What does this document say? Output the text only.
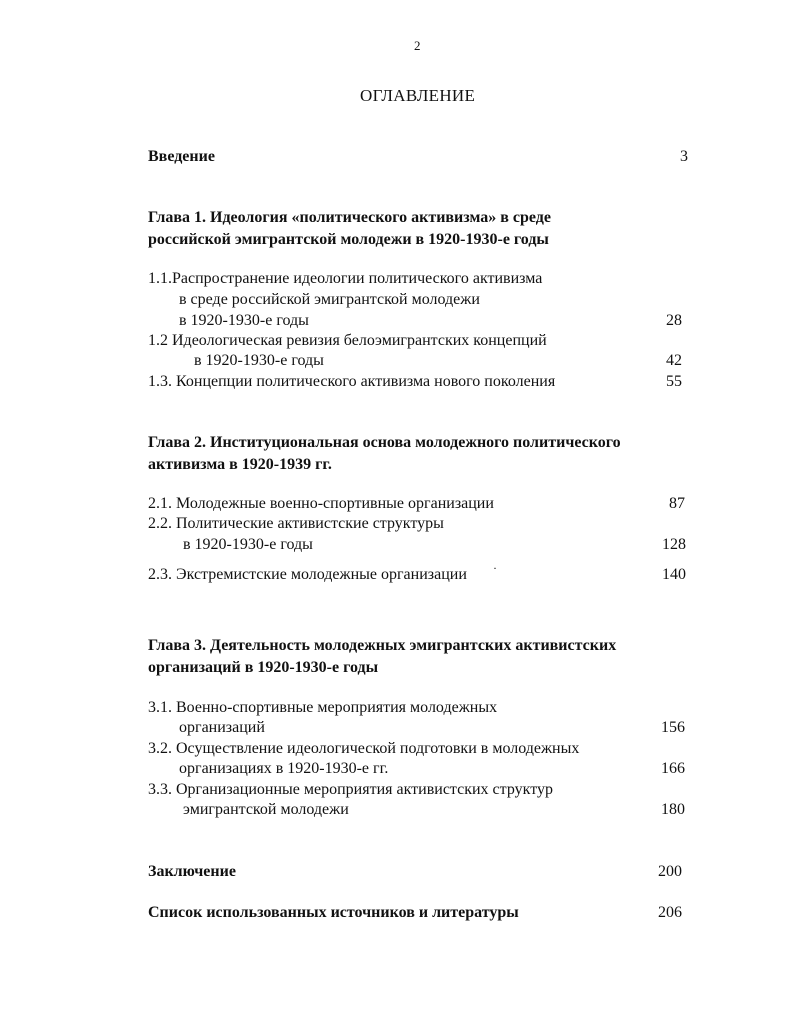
2
ОГЛАВЛЕНИЕ
Введение	3
Глава 1. Идеология «политического активизма» в среде
российской эмигрантской молодежи в 1920-1930-е годы
1.1.Распространение идеологии политического активизма
в среде российской эмигрантской молодежи
в 1920-1930-е годы	28
1.2 Идеологическая ревизия белоэмигрантских концепций
в 1920-1930-е годы	42
1.3. Концепции политического активизма нового поколения	55
Глава 2. Институциональная основа молодежного политического
активизма в 1920-1939 гг.
2.1. Молодежные военно-спортивные организации	87
2.2. Политические активистские структуры
в 1920-1930-е годы	128
·
2.3. Экстремистские молодежные организации	140
Глава 3. Деятельность молодежных эмигрантских активистских
организаций в 1920-1930-е годы
3.1. Военно-спортивные мероприятия молодежных
организаций	156
3.2. Осуществление идеологической подготовки в молодежных
организациях в 1920-1930-е гг.	166
3.3. Организационные мероприятия активистских структур
эмигрантской молодежи	180
Заключение	200
Список использованных источников и литературы	206
